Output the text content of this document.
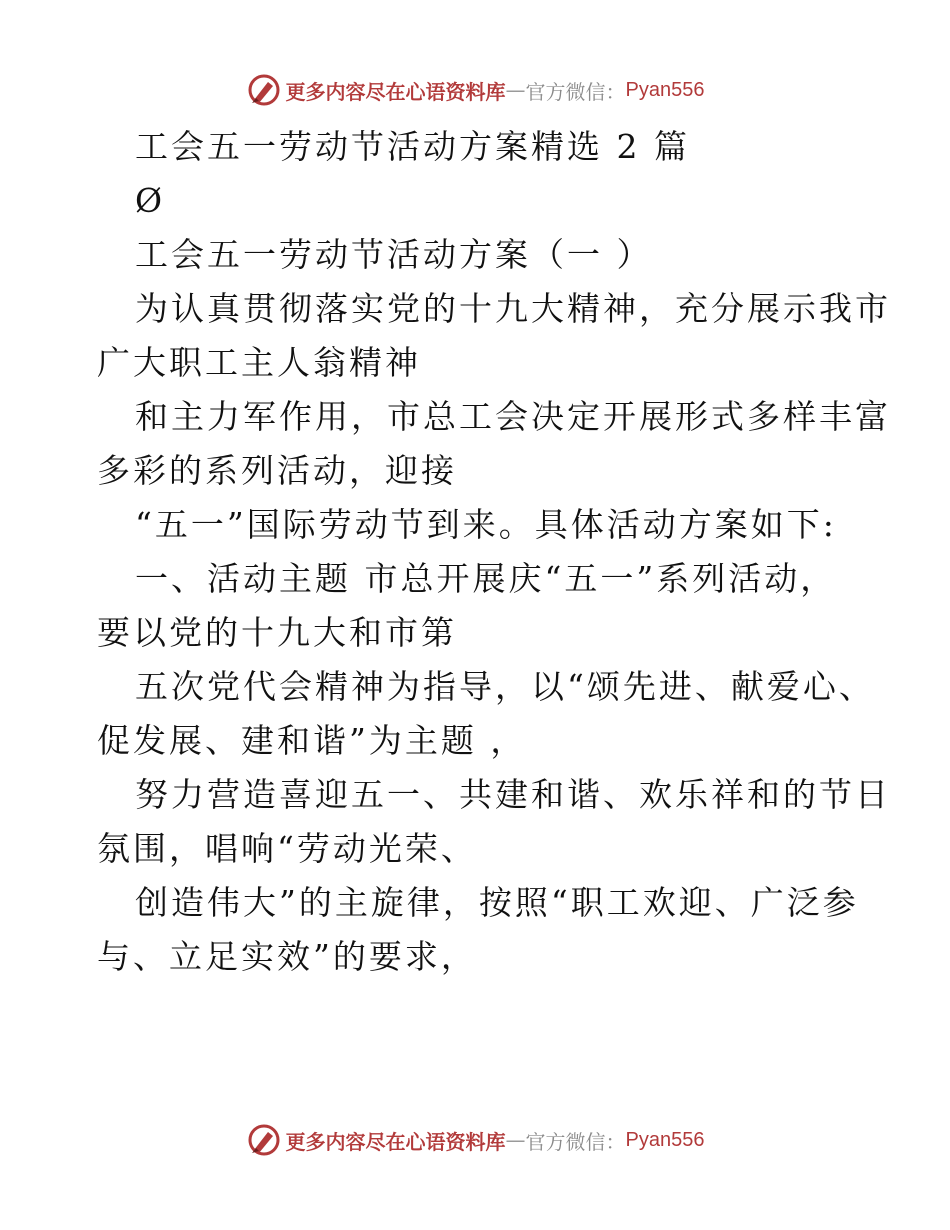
更多内容尽在心语资料库 — 官方微信： Pyan556
工会五一劳动节活动方案精选 2 篇
Ø
工会五一劳动节活动方案（一 ）
为认真贯彻落实党的十九大精神，充分展示我市
广大职工主人翁精神
和主力军作用，市总工会决定开展形式多样丰富
多彩的系列活动，迎接
“五一”国际劳动节到来。具体活动方案如下:
一、活动主题 市总开展庆“五一”系列活动，
要以党的十九大和市第
五次党代会精神为指导，以“颂先进、献爱心、
促发展、建和谐”为主题 ，
努力营造喜迎五一、共建和谐、欢乐祥和的节日
氛围，唱响“劳动光荣、
创造伟大”的主旋律，按照“职工欢迎、广泛参
与、立足实效”的要求，
更多内容尽在心语资料库 — 官方微信： Pyan556
